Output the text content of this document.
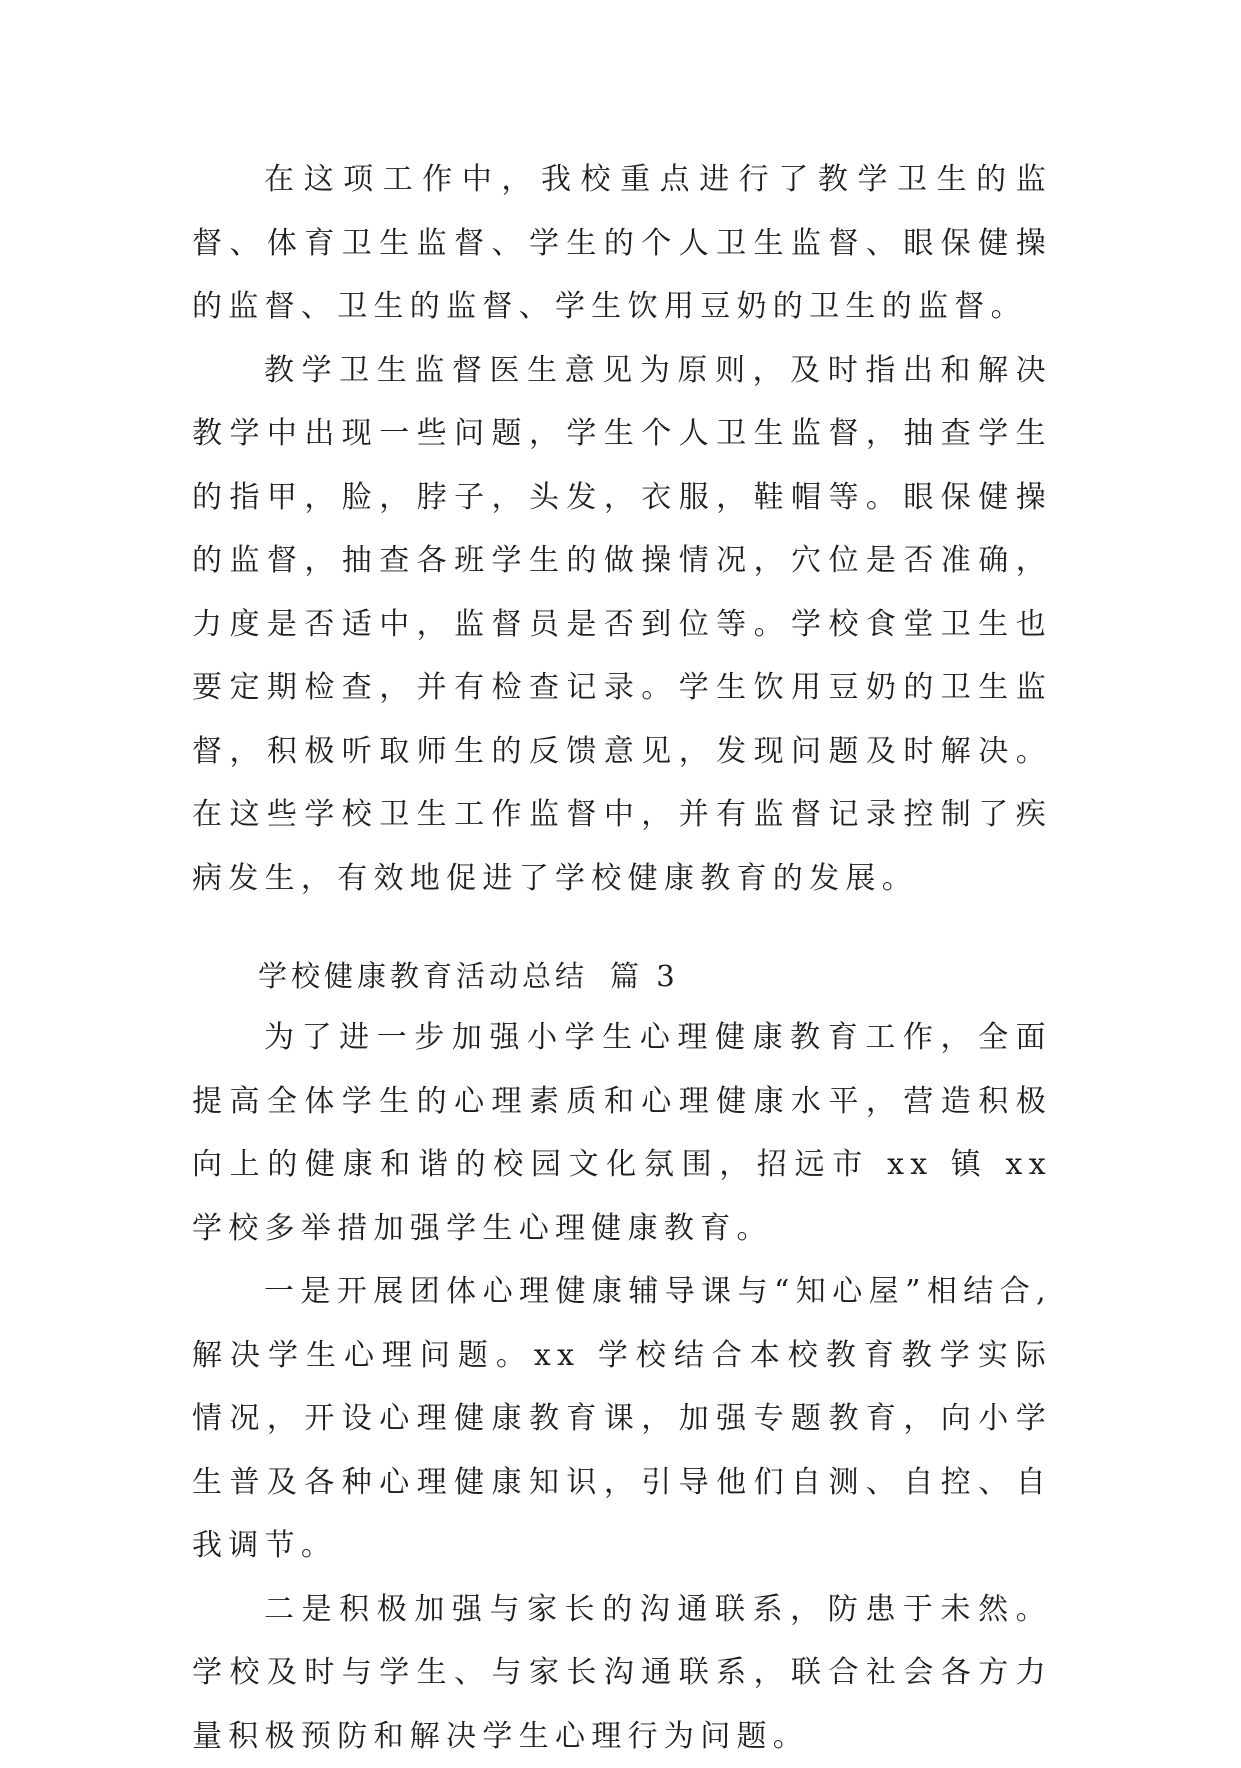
在这项工作中，我校重点进行了教学卫生的监督、体育卫生监督、学生的个人卫生监督、眼保健操的监督、卫生的监督、学生饮用豆奶的卫生的监督。

教学卫生监督医生意见为原则，及时指出和解决教学中出现一些问题，学生个人卫生监督，抽查学生的指甲，脸，脖子，头发，衣服，鞋帽等。眼保健操的监督，抽查各班学生的做操情况，穴位是否准确，力度是否适中，监督员是否到位等。学校食堂卫生也要定期检查，并有检查记录。学生饮用豆奶的卫生监督，积极听取师生的反馈意见，发现问题及时解决。在这些学校卫生工作监督中，并有监督记录控制了疾病发生，有效地促进了学校健康教育的发展。

学校健康教育活动总结 篇 3

为了进一步加强小学生心理健康教育工作，全面提高全体学生的心理素质和心理健康水平，营造积极向上的健康和谐的校园文化氛围，招远市 xx 镇 xx 学校多举措加强学生心理健康教育。

一是开展团体心理健康辅导课与“知心屋”相结合,解决学生心理问题。xx 学校结合本校教育教学实际情况，开设心理健康教育课，加强专题教育，向小学生普及各种心理健康知识，引导他们自测、自控、自我调节。

二是积极加强与家长的沟通联系，防患于未然。学校及时与学生、与家长沟通联系，联合社会各方力量积极预防和解决学生心理行为问题。
